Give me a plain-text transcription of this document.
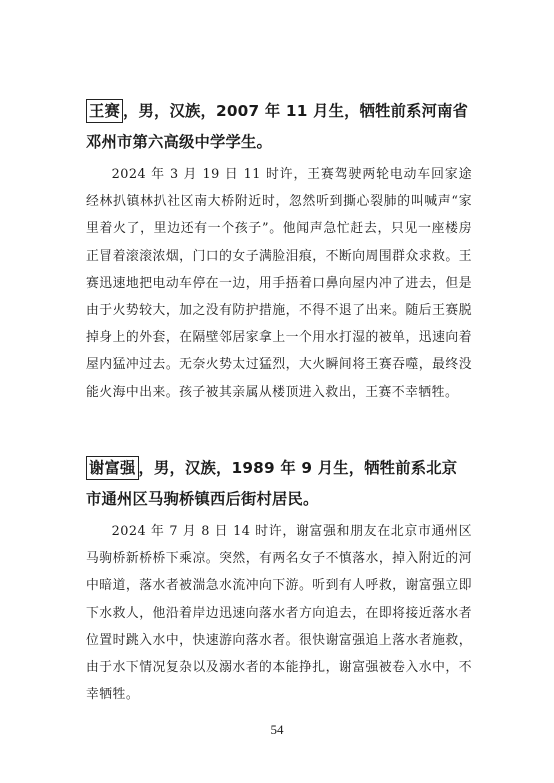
王赛 ，男，汉族，2007 年 11 月生，牺牲前系河南省邓州市第六高级中学学生。

2024 年 3 月 19 日 11 时许，王赛驾驶两轮电动车回家途经林扒镇林扒社区南大桥附近时，忽然听到撕心裂肺的叫喊声“家里着火了，里边还有一个孩子”。他闻声急忙赶去，只见一座楼房正冒着滚滚浓烟，门口的女子满脸泪痕，不断向周围群众求救。王赛迅速地把电动车停在一边，用手捂着口鼻向屋内冲了进去，但是由于火势较大，加之没有防护措施，不得不退了出来。随后王赛脱掉身上的外套，在隔壁邻居家拿上一个用水打湿的被单，迅速向着屋内猛冲过去。无奈火势太过猛烈，大火瞬间将王赛吞噬，最终没能火海中出来。孩子被其亲属从楼顶进入救出，王赛不幸牺牲。

谢富强 ，男，汉族，1989 年 9 月生，牺牲前系北京市通州区马驹桥镇西后街村居民。

2024 年 7 月 8 日 14 时许，谢富强和朋友在北京市通州区马驹桥新桥桥下乘凉。突然，有两名女子不慎落水，掉入附近的河中暗道，落水者被湍急水流冲向下游。听到有人呼救，谢富强立即下水救人，他沿着岸边迅速向落水者方向追去，在即将接近落水者位置时跳入水中，快速游向落水者。很快谢富强追上落水者施救，由于水下情况复杂以及溺水者的本能挣扎，谢富强被卷入水中，不幸牺牲。

54
